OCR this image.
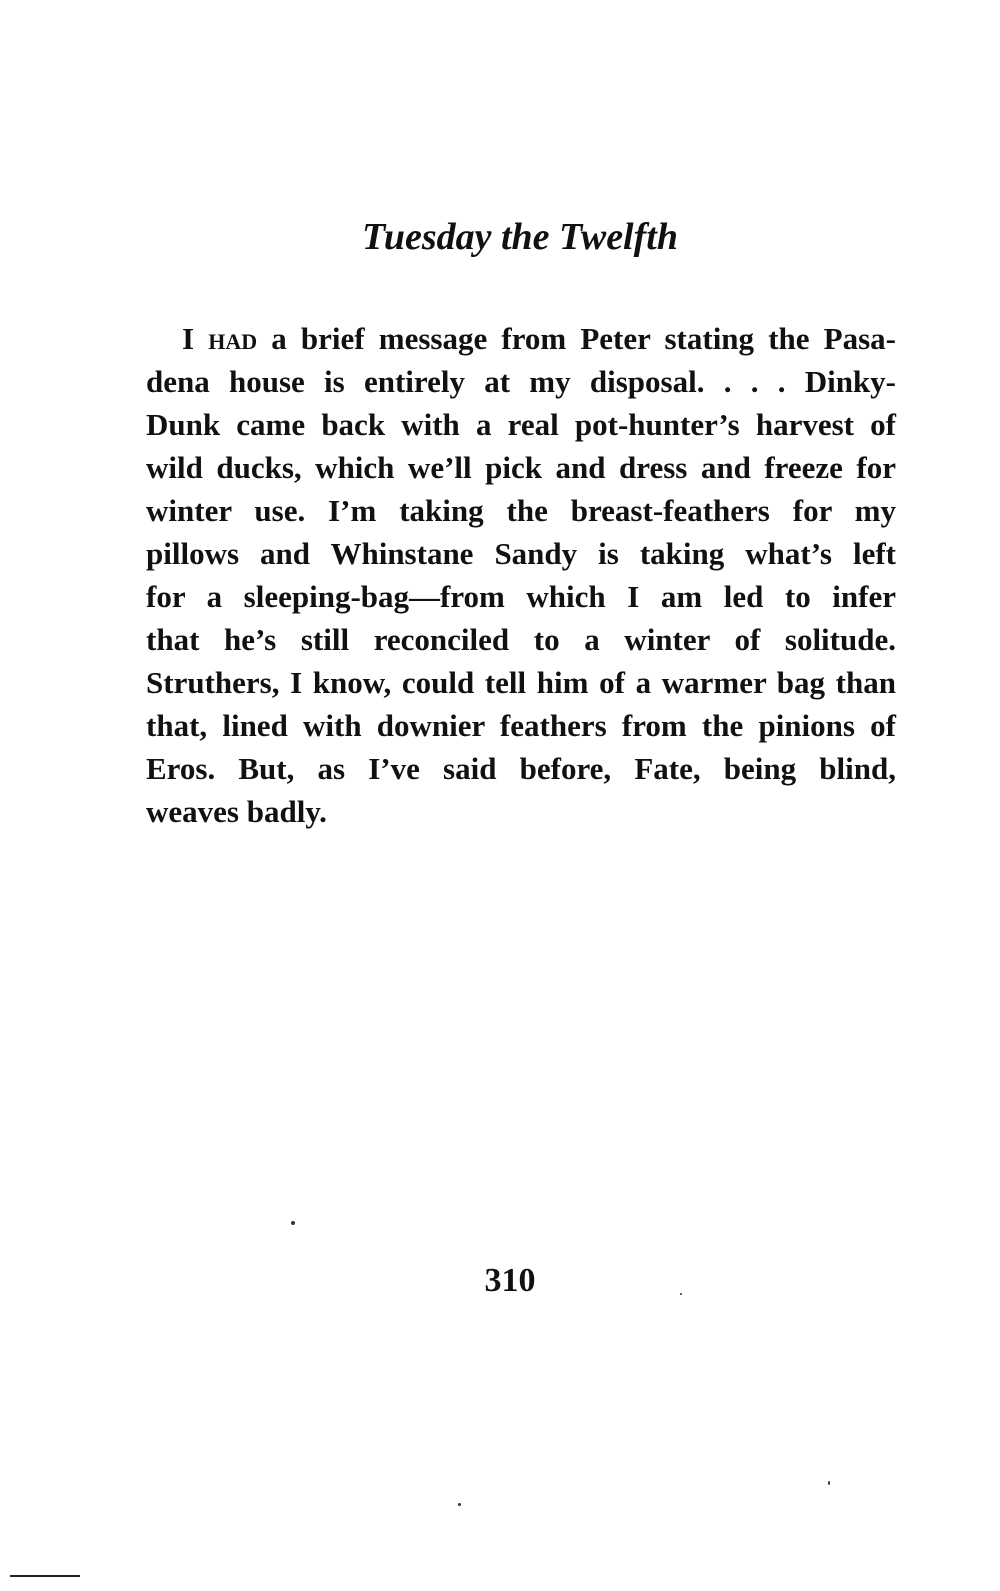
Tuesday the Twelfth
I had a brief message from Peter stating the Pasa-
dena house is entirely at my disposal. . . . Dinky-
Dunk came back with a real pot-hunter’s harvest of
wild ducks, which we’ll pick and dress and freeze for
winter use. I’m taking the breast-feathers for my
pillows and Whinstane Sandy is taking what’s left
for a sleeping-bag—from which I am led to infer
that he’s still reconciled to a winter of solitude.
Struthers, I know, could tell him of a warmer bag than
that, lined with downier feathers from the pinions of
Eros. But, as I’ve said before, Fate, being blind,
weaves badly.
310
